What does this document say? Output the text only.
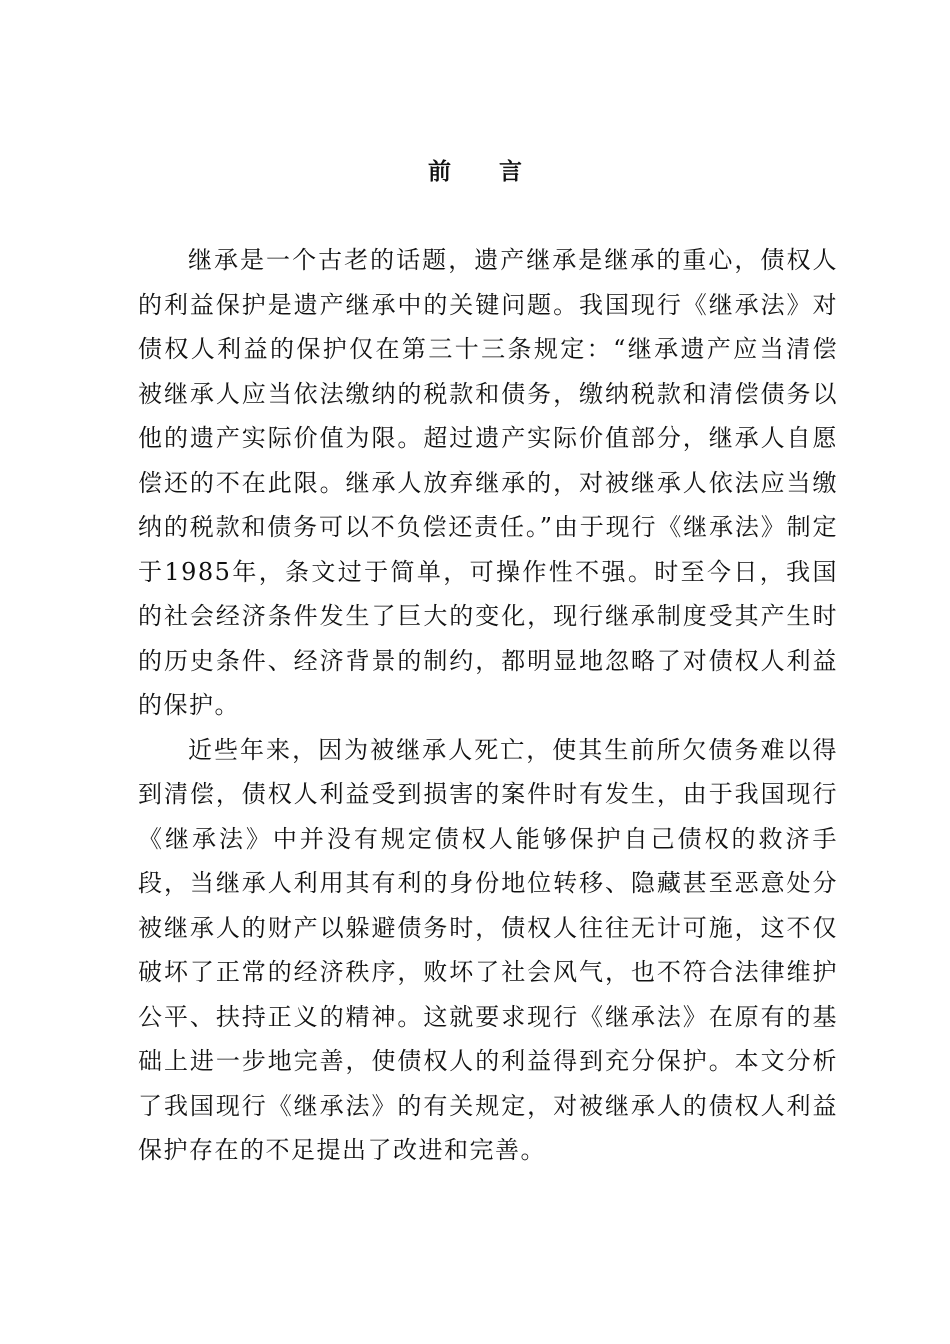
前 言

继承是一个古老的话题，遗产继承是继承的重心，债权人的利益保护是遗产继承中的关键问题。我国现行《继承法》对债权人利益的保护仅在第三十三条规定：“继承遗产应当清偿被继承人应当依法缴纳的税款和债务，缴纳税款和清偿债务以他的遗产实际价值为限。超过遗产实际价值部分，继承人自愿偿还的不在此限。继承人放弃继承的，对被继承人依法应当缴纳的税款和债务可以不负偿还责任。”由于现行《继承法》制定于1985年，条文过于简单，可操作性不强。时至今日，我国的社会经济条件发生了巨大的变化，现行继承制度受其产生时的历史条件、经济背景的制约，都明显地忽略了对债权人利益的保护。

近些年来，因为被继承人死亡，使其生前所欠债务难以得到清偿，债权人利益受到损害的案件时有发生，由于我国现行《继承法》中并没有规定债权人能够保护自己债权的救济手段，当继承人利用其有利的身份地位转移、隐藏甚至恶意处分被继承人的财产以躲避债务时，债权人往往无计可施，这不仅破坏了正常的经济秩序，败坏了社会风气，也不符合法律维护公平、扶持正义的精神。这就要求现行《继承法》在原有的基础上进一步地完善，使债权人的利益得到充分保护。本文分析了我国现行《继承法》的有关规定，对被继承人的债权人利益保护存在的不足提出了改进和完善。
